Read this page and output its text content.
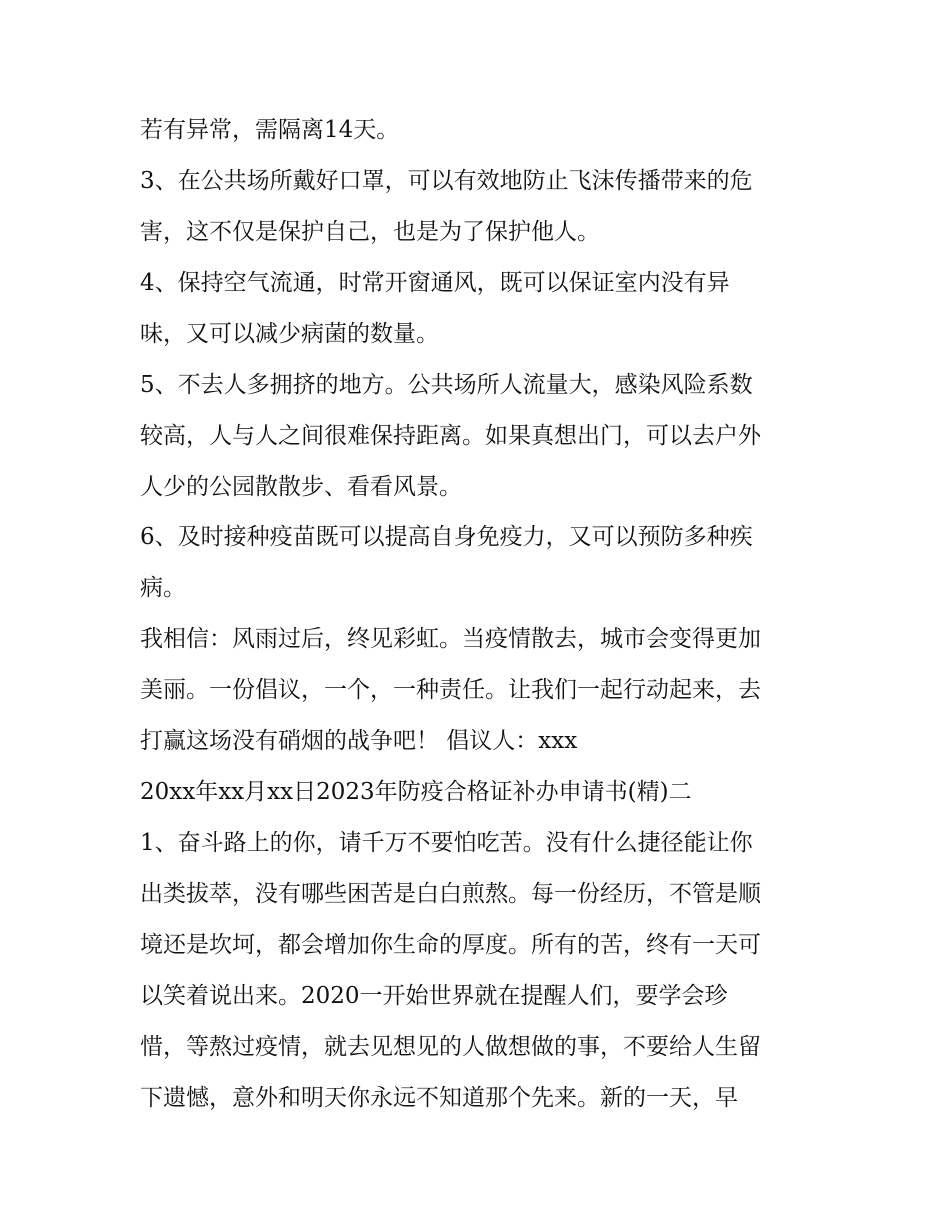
若有异常，需隔离14天。
3、在公共场所戴好口罩，可以有效地防止飞沫传播带来的危
害，这不仅是保护自己，也是为了保护他人。
4、保持空气流通，时常开窗通风，既可以保证室内没有异
味，又可以减少病菌的数量。
5、不去人多拥挤的地方。公共场所人流量大，感染风险系数
较高，人与人之间很难保持距离。如果真想出门，可以去户外
人少的公园散散步、看看风景。
6、及时接种疫苗既可以提高自身免疫力，又可以预防多种疾
病。
我相信：风雨过后，终见彩虹。当疫情散去，城市会变得更加
美丽。一份倡议，一个，一种责任。让我们一起行动起来，去
打赢这场没有硝烟的战争吧！ 倡议人：xxx
20xx年xx月xx日2023年防疫合格证补办申请书(精)二
1、奋斗路上的你，请千万不要怕吃苦。没有什么捷径能让你
出类拔萃，没有哪些困苦是白白煎熬。每一份经历，不管是顺
境还是坎坷，都会增加你生命的厚度。所有的苦，终有一天可
以笑着说出来。2020一开始世界就在提醒人们，要学会珍
惜，等熬过疫情，就去见想见的人做想做的事，不要给人生留
下遗憾，意外和明天你永远不知道那个先来。新的一天，早
